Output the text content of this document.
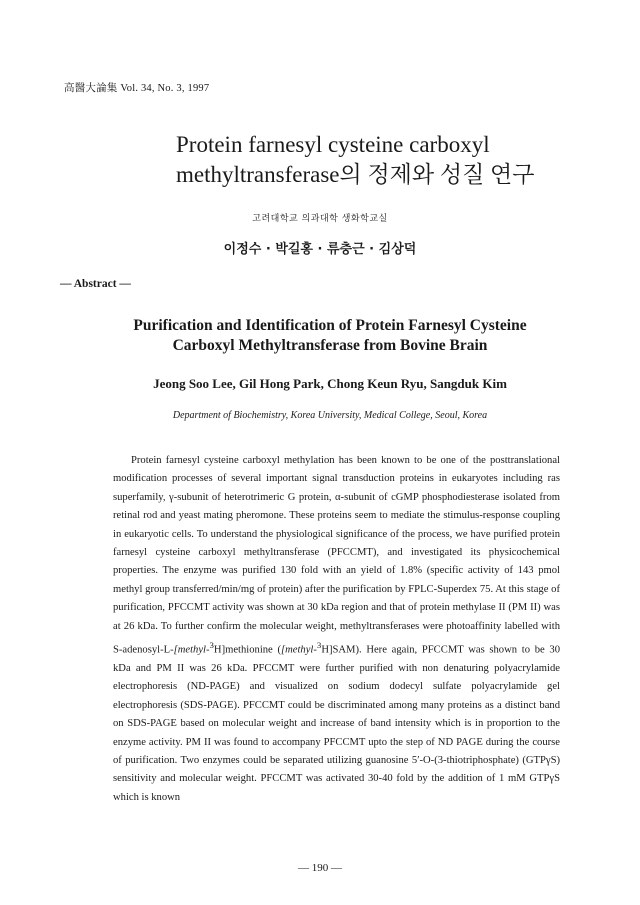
高醫大論集 Vol. 34, No. 3, 1997
Protein farnesyl cysteine carboxyl
methyltransferase의 정제와 성질 연구
고려대학교 의과대학 생화학교실
이정수 · 박길홍 · 류충근 · 김상덕
— Abstract —
Purification and Identification of Protein Farnesyl Cysteine
Carboxyl Methyltransferase from Bovine Brain
Jeong Soo Lee, Gil Hong Park, Chong Keun Ryu, Sangduk Kim
Department of Biochemistry, Korea University, Medical College, Seoul, Korea
Protein farnesyl cysteine carboxyl methylation has been known to be one of the posttranslational modification processes of several important signal transduction proteins in eukaryotes including ras superfamily, γ-subunit of heterotrimeric G protein, α-subunit of cGMP phosphodiesterase isolated from retinal rod and yeast mating pheromone. These proteins seem to mediate the stimulus-response coupling in eukaryotic cells. To understand the physiological significance of the process, we have purified protein farnesyl cysteine carboxyl methyltransferase (PFCCMT), and investigated its physicochemical properties. The enzyme was purified 130 fold with an yield of 1.8% (specific activity of 143 pmol methyl group transferred/min/mg of protein) after the purification by FPLC-Superdex 75. At this stage of purification, PFCCMT activity was shown at 30 kDa region and that of protein methylase II (PM II) was at 26 kDa. To further confirm the molecular weight, methyltransferases were photoaffinity labelled with S-adenosyl-L-[methyl-$^3$H]methionine ([methyl-$^3$H]SAM). Here again, PFCCMT was shown to be 30 kDa and PM II was 26 kDa. PFCCMT were further purified with non denaturing polyacrylamide electrophoresis (ND-PAGE) and visualized on sodium dodecyl sulfate polyacrylamide gel electrophoresis (SDS-PAGE). PFCCMT could be discriminated among many proteins as a distinct band on SDS-PAGE based on molecular weight and increase of band intensity which is in proportion to the enzyme activity. PM II was found to accompany PFCCMT upto the step of ND PAGE during the course of purification. Two enzymes could be separated utilizing guanosine 5′-O-(3-thiotriphosphate) (GTPγS) sensitivity and molecular weight. PFCCMT was activated 30-40 fold by the addition of 1 mM GTPγS which is known
— 190 —
